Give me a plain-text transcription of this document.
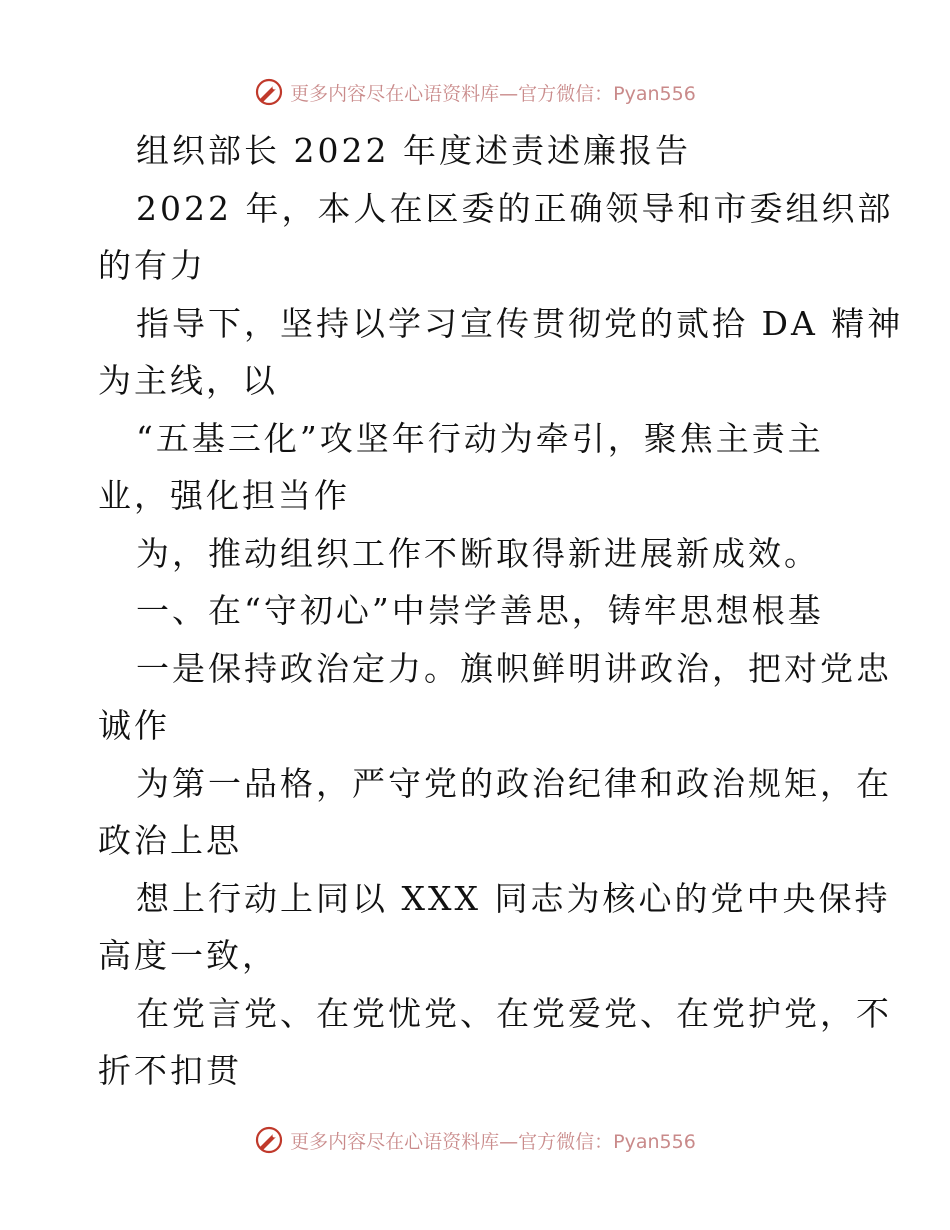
更多内容尽在心语资料库—官方微信：Pyan556
组织部长 2022 年度述责述廉报告
2022 年，本人在区委的正确领导和市委组织部
的有力
指导下，坚持以学习宣传贯彻党的贰拾 DA 精神
为主线，以
“五基三化”攻坚年行动为牵引，聚焦主责主
业，强化担当作
为，推动组织工作不断取得新进展新成效。
一、在“守初心”中崇学善思，铸牢思想根基
一是保持政治定力。旗帜鲜明讲政治，把对党忠
诚作
为第一品格，严守党的政治纪律和政治规矩，在
政治上思
想上行动上同以 XXX 同志为核心的党中央保持
高度一致，
在党言党、在党忧党、在党爱党、在党护党，不
折不扣贯
更多内容尽在心语资料库—官方微信：Pyan556
